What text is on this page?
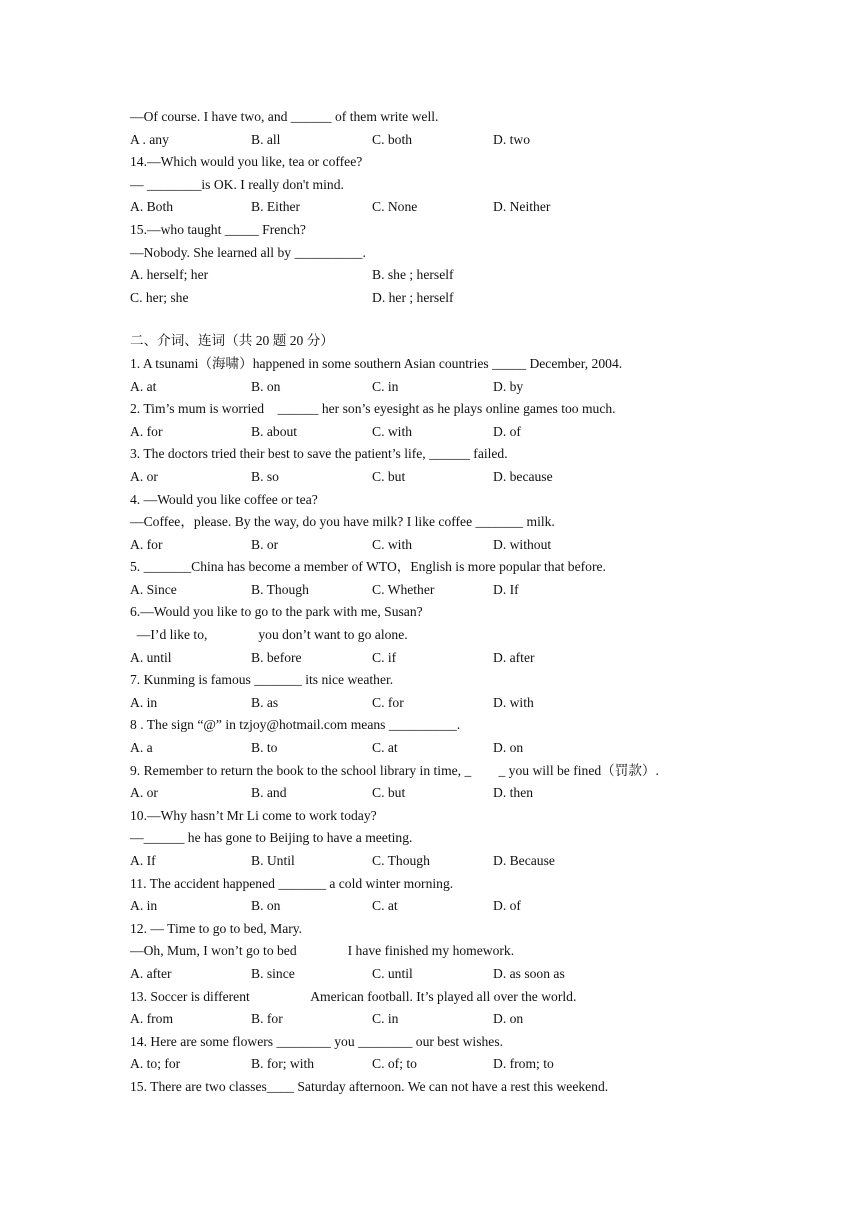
—Of course. I have two, and ______ of them write well.
A . any	B. all	C. both	D. two
14.—Which would you like, tea or coffee?
— ________is OK. I really don't mind.
A. Both	B. Either	C. None	D. Neither
15.—who taught _____ French?
—Nobody. She learned all by __________.
A. herself; her	B. she ; herself
C. her; she	D. her ; herself
二、介词、连词（共 20 题 20 分）
1. A tsunami（海啸）happened in some southern Asian countries _____ December, 2004.
A. at	B. on	C. in	D. by
2. Tim’s mum is worried    ______ her son’s eyesight as he plays online games too much.
A. for	B. about	C. with	D. of
3. The doctors tried their best to save the patient’s life, ______ failed.
A. or	B. so	C. but	D. because
4. —Would you like coffee or tea?
—Coffee，please. By the way, do you have milk? I like coffee _______ milk.
A. for	B. or	C. with	D. without
5. _______China has become a member of WTO，English is more popular that before.
A. Since	B. Though	C. Whether	D. If
6.—Would you like to go to the park with me, Susan?
—I’d like to,               you don’t want to go alone.
A. until	B. before	C. if	D. after
7. Kunming is famous _______ its nice weather.
A. in	B. as	C. for	D. with
8 . The sign “@” in tzjoy@hotmail.com means __________.
A. a	B. to	C. at	D. on
9. Remember to return the book to the school library in time, _        _ you will be fined（罚款）.
A. or	B. and	C. but	D. then
10.—Why hasn’t Mr Li come to work today?
—______ he has gone to Beijing to have a meeting.
A. If	B. Until	C. Though	D. Because
11. The accident happened _______ a cold winter morning.
A. in	B. on	C. at	D. of
12. — Time to go to bed, Mary.
—Oh, Mum, I won’t go to bed               I have finished my homework.
A. after	B. since	C. until	D. as soon as
13. Soccer is different                  American football. It’s played all over the world.
A. from	B. for	C. in	D. on
14. Here are some flowers ________ you ________ our best wishes.
A. to; for	B. for; with	C. of; to	D. from; to
15. There are two classes____ Saturday afternoon. We can not have a rest this weekend.
